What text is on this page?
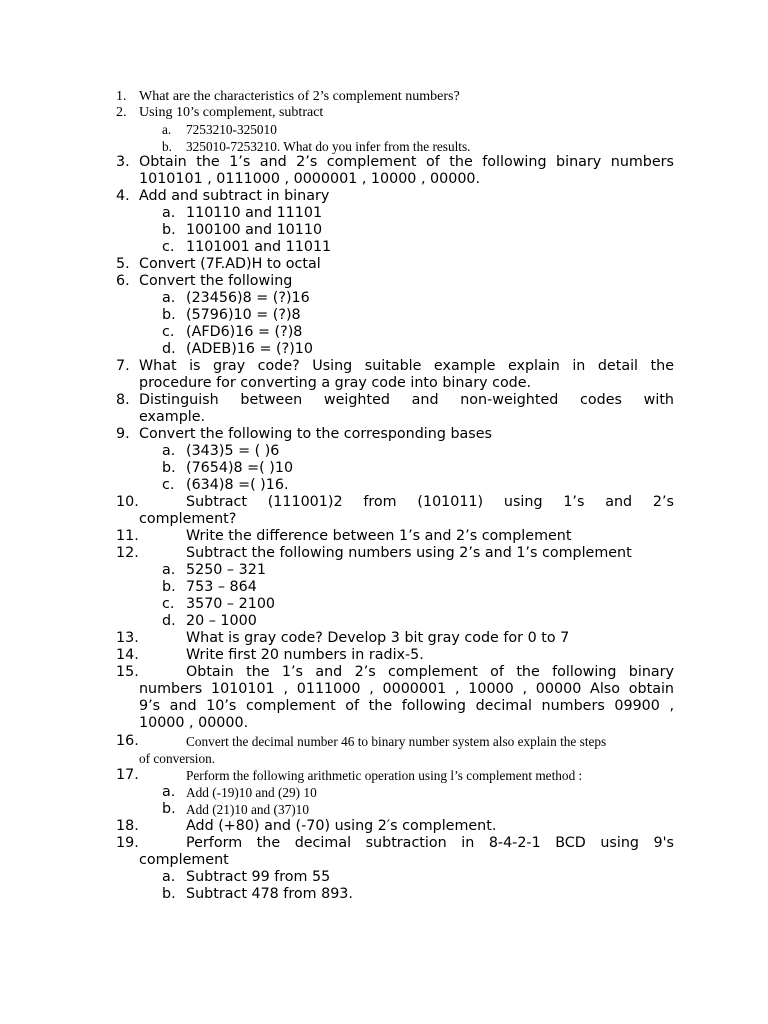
1. What are the characteristics of 2’s complement numbers?
2. Using 10’s complement, subtract
a.	7253210-325010
b.	325010-7253210. What do you infer from the results.
3. Obtain the 1’s and 2’s complement of the following binary numbers
1010101 , 0111000 , 0000001 , 10000 , 00000.
4. Add and subtract in binary
a. 110110 and 11101
b. 100100 and 10110
c. 1101001 and 11011
5. Convert (7F.AD)H to octal
6. Convert the following
a. (23456)8 = (?)16
b. (5796)10 = (?)8
c. (AFD6)16 = (?)8
d. (ADEB)16 = (?)10
7. What is gray code? Using suitable example explain in detail the
procedure for converting a gray code into binary code.
8. Distinguish between weighted and non-weighted codes with
example.
9. Convert the following to the corresponding bases
a. (343)5 = ( )6
b. (7654)8 =( )10
c. (634)8 =( )16.
10.	Subtract (111001)2 from (101011) using 1’s and 2’s
complement?
11.	Write the difference between 1’s and 2’s complement
12.	Subtract the following numbers using 2’s and 1’s complement
a. 5250 – 321
b. 753 – 864
c. 3570 – 2100
d. 20 – 1000
13.	What is gray code? Develop 3 bit gray code for 0 to 7
14.	Write first 20 numbers in radix-5.
15.	Obtain the 1’s and 2’s complement of the following binary
numbers 1010101 , 0111000 , 0000001 , 10000 , 00000 Also obtain
9’s and 10’s complement of the following decimal numbers 09900 ,
10000 , 00000.
16.	Convert the decimal number 46 to binary number system also explain the steps
of conversion.
17.	Perform the following arithmetic operation using l’s complement method :
a. Add (-19)10 and (29) 10
b. Add (21)10 and (37)10
18.	Add (+80) and (-70) using 2′s complement.
19.	Perform the decimal subtraction in 8-4-2-1 BCD using 9's
complement
a. Subtract 99 from 55
b. Subtract 478 from 893.
